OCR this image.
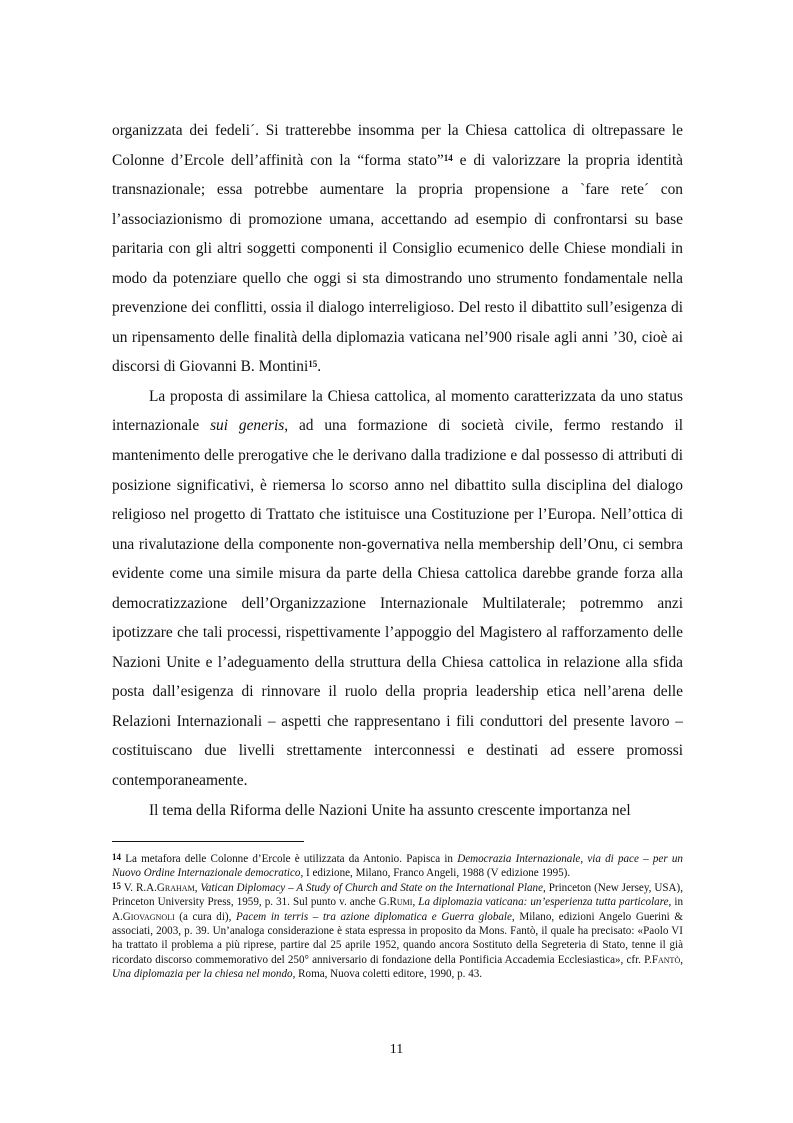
organizzata dei fedeli´. Si tratterebbe insomma per la Chiesa cattolica di oltrepassare le Colonne d’Ercole dell’affinità con la “forma stato”$^{14}$ e di valorizzare la propria identità transnazionale; essa potrebbe aumentare la propria propensione a `fare rete´ con l’associazionismo di promozione umana, accettando ad esempio di confrontarsi su base paritaria con gli altri soggetti componenti il Consiglio ecumenico delle Chiese mondiali in modo da potenziare quello che oggi si sta dimostrando uno strumento fondamentale nella prevenzione dei conflitti, ossia il dialogo interreligioso. Del resto il dibattito sull’esigenza di un ripensamento delle finalità della diplomazia vaticana nel’900 risale agli anni ’30, cioè ai discorsi di Giovanni B. Montini$^{15}$.

La proposta di assimilare la Chiesa cattolica, al momento caratterizzata da uno status internazionale sui generis, ad una formazione di società civile, fermo restando il mantenimento delle prerogative che le derivano dalla tradizione e dal possesso di attributi di posizione significativi, è riemersa lo scorso anno nel dibattito sulla disciplina del dialogo religioso nel progetto di Trattato che istituisce una Costituzione per l’Europa. Nell’ottica di una rivalutazione della componente non-governativa nella membership dell’Onu, ci sembra evidente come una simile misura da parte della Chiesa cattolica darebbe grande forza alla democratizzazione dell’Organizzazione Internazionale Multilaterale; potremmo anzi ipotizzare che tali processi, rispettivamente l’appoggio del Magistero al rafforzamento delle Nazioni Unite e l’adeguamento della struttura della Chiesa cattolica in relazione alla sfida posta dall’esigenza di rinnovare il ruolo della propria leadership etica nell’arena delle Relazioni Internazionali – aspetti che rappresentano i fili conduttori del presente lavoro – costituiscano due livelli strettamente interconnessi e destinati ad essere promossi contemporaneamente.

Il tema della Riforma delle Nazioni Unite ha assunto crescente importanza nel

$^{14}$ La metafora delle Colonne d’Ercole è utilizzata da Antonio. Papisca in Democrazia Internazionale, via di pace – per un Nuovo Ordine Internazionale democratico, I edizione, Milano, Franco Angeli, 1988 (V edizione 1995).

$^{15}$ V. R.A.Graham, Vatican Diplomacy – A Study of Church and State on the International Plane, Princeton (New Jersey, USA), Princeton University Press, 1959, p. 31. Sul punto v. anche G.Rumi, La diplomazia vaticana: un’esperienza tutta particolare, in A.Giovagnoli (a cura di), Pacem in terris – tra azione diplomatica e Guerra globale, Milano, edizioni Angelo Guerini & associati, 2003, p. 39. Un’analoga considerazione è stata espressa in proposito da Mons. Fantò, il quale ha precisato: «Paolo VI ha trattato il problema a più riprese, partire dal 25 aprile 1952, quando ancora Sostituto della Segreteria di Stato, tenne il già ricordato discorso commemorativo del 250° anniversario di fondazione della Pontificia Accademia Ecclesiastica», cfr. P.Fantò, Una diplomazia per la chiesa nel mondo, Roma, Nuova coletti editore, 1990, p. 43.

11
